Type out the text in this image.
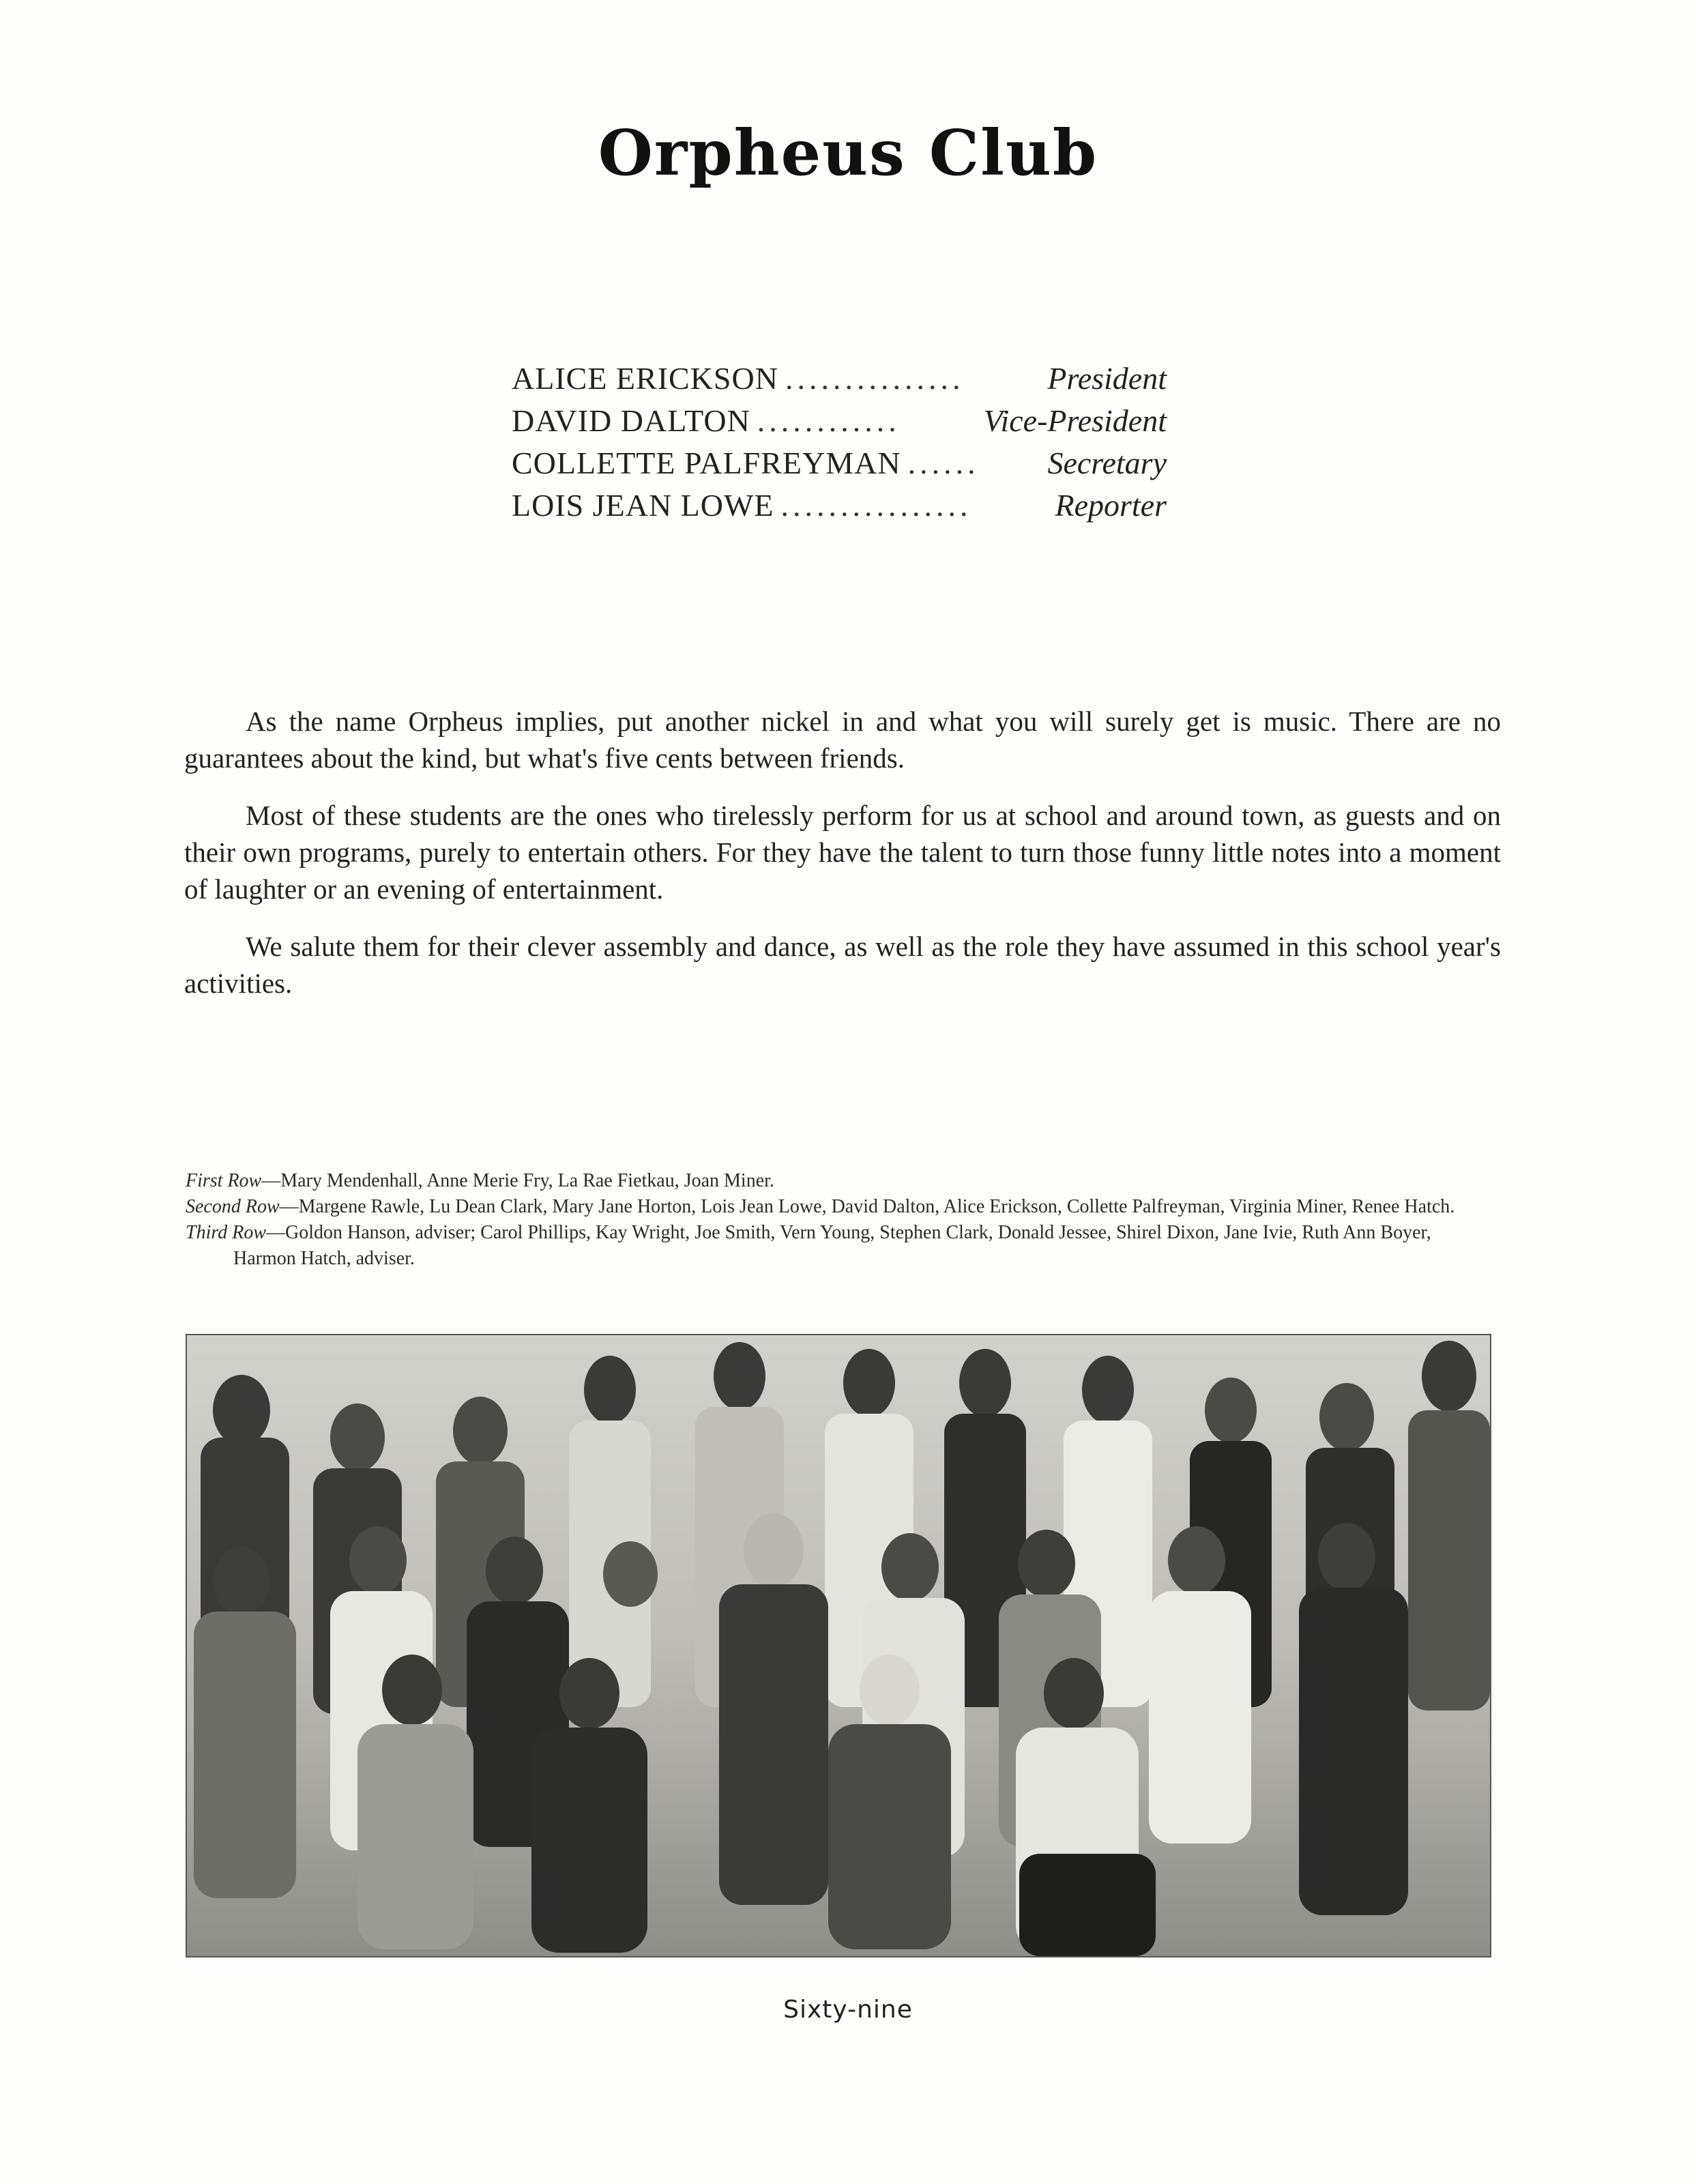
Orpheus Club
ALICE ERICKSON ...............	President
DAVID DALTON ............	Vice-President
COLLETTE PALFREYMAN ......	Secretary
LOIS JEAN LOWE ................	Reporter

As the name Orpheus implies, put another nickel in and what you will surely get is music. There are no guarantees about the kind, but what's five cents between friends.

Most of these students are the ones who tirelessly perform for us at school and around town, as guests and on their own programs, purely to entertain others. For they have the talent to turn those funny little notes into a moment of laughter or an evening of entertainment.

We salute them for their clever assembly and dance, as well as the role they have assumed in this school year's activities.

First Row—Mary Mendenhall, Anne Merie Fry, La Rae Fietkau, Joan Miner.
Second Row—Margene Rawle, Lu Dean Clark, Mary Jane Horton, Lois Jean Lowe, David Dalton, Alice Erickson, Collette Palfreyman, Virginia Miner, Renee Hatch.
Third Row—Goldon Hanson, adviser; Carol Phillips, Kay Wright, Joe Smith, Vern Young, Stephen Clark, Donald Jessee, Shirel Dixon, Jane Ivie, Ruth Ann Boyer, Harmon Hatch, adviser.
Sixty-nine
